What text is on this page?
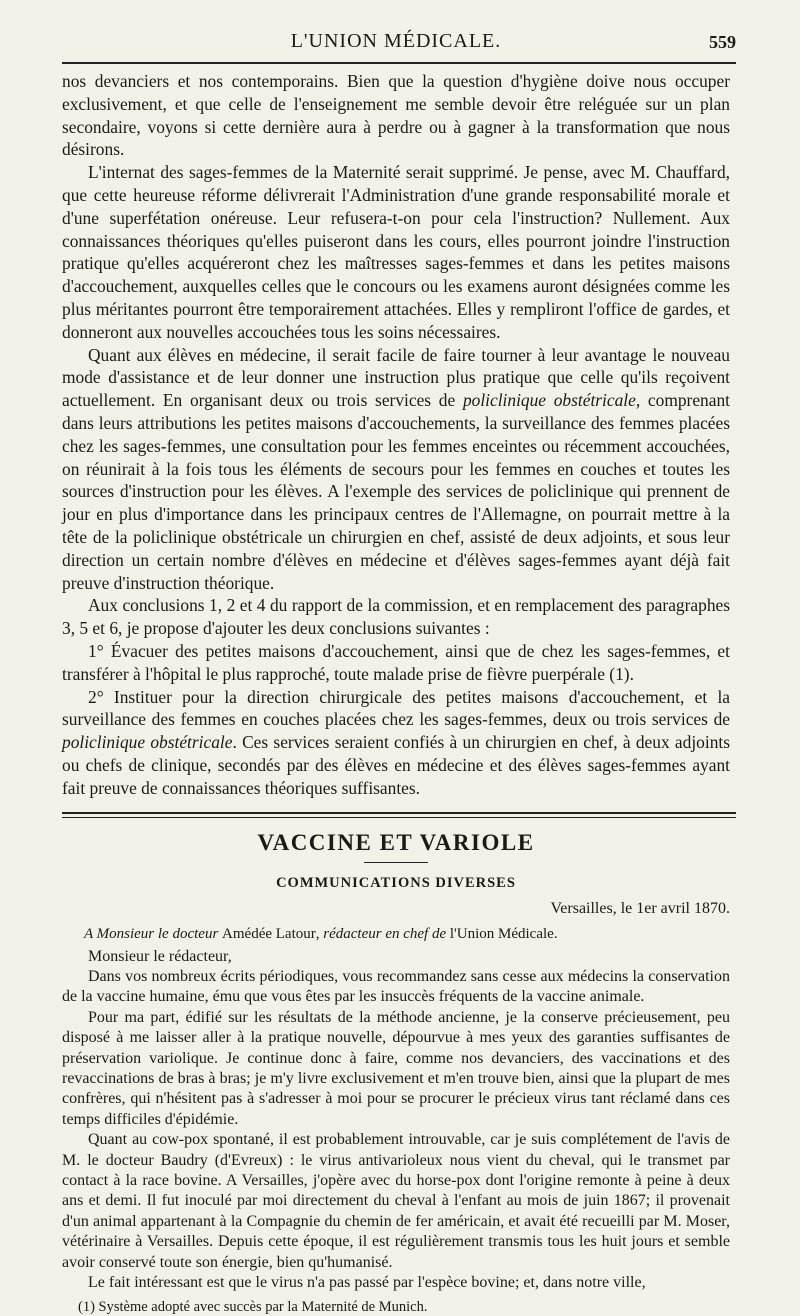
L'UNION MÉDICALE.	559

nos devanciers et nos contemporains. Bien que la question d'hygiène doive nous occuper exclusivement, et que celle de l'enseignement me semble devoir être reléguée sur un plan secondaire, voyons si cette dernière aura à perdre ou à gagner à la transformation que nous désirons.

L'internat des sages-femmes de la Maternité serait supprimé. Je pense, avec M. Chauffard, que cette heureuse réforme délivrerait l'Administration d'une grande responsabilité morale et d'une superfétation onéreuse. Leur refusera-t-on pour cela l'instruction? Nullement. Aux connaissances théoriques qu'elles puiseront dans les cours, elles pourront joindre l'instruction pratique qu'elles acquéreront chez les maîtresses sages-femmes et dans les petites maisons d'accouchement, auxquelles celles que le concours ou les examens auront désignées comme les plus méritantes pourront être temporairement attachées. Elles y rempliront l'office de gardes, et donneront aux nouvelles accouchées tous les soins nécessaires.

Quant aux élèves en médecine, il serait facile de faire tourner à leur avantage le nouveau mode d'assistance et de leur donner une instruction plus pratique que celle qu'ils reçoivent actuellement. En organisant deux ou trois services de policlinique obstétricale, comprenant dans leurs attributions les petites maisons d'accouchements, la surveillance des femmes placées chez les sages-femmes, une consultation pour les femmes enceintes ou récemment accouchées, on réunirait à la fois tous les éléments de secours pour les femmes en couches et toutes les sources d'instruction pour les élèves. A l'exemple des services de policlinique qui prennent de jour en plus d'importance dans les principaux centres de l'Allemagne, on pourrait mettre à la tête de la policlinique obstétricale un chirurgien en chef, assisté de deux adjoints, et sous leur direction un certain nombre d'élèves en médecine et d'élèves sages-femmes ayant déjà fait preuve d'instruction théorique.

Aux conclusions 1, 2 et 4 du rapport de la commission, et en remplacement des paragraphes 3, 5 et 6, je propose d'ajouter les deux conclusions suivantes :

1° Évacuer des petites maisons d'accouchement, ainsi que de chez les sages-femmes, et transférer à l'hôpital le plus rapproché, toute malade prise de fièvre puerpérale (1).

2° Instituer pour la direction chirurgicale des petites maisons d'accouchement, et la surveillance des femmes en couches placées chez les sages-femmes, deux ou trois services de policlinique obstétricale. Ces services seraient confiés à un chirurgien en chef, à deux adjoints ou chefs de clinique, secondés par des élèves en médecine et des élèves sages-femmes ayant fait preuve de connaissances théoriques suffisantes.

VACCINE ET VARIOLE
COMMUNICATIONS DIVERSES
Versailles, le 1er avril 1870.
A Monsieur le docteur Amédée Latour, rédacteur en chef de l'Union Médicale.

Monsieur le rédacteur,

Dans vos nombreux écrits périodiques, vous recommandez sans cesse aux médecins la conservation de la vaccine humaine, ému que vous êtes par les insuccès fréquents de la vaccine animale.

Pour ma part, édifié sur les résultats de la méthode ancienne, je la conserve précieusement, peu disposé à me laisser aller à la pratique nouvelle, dépourvue à mes yeux des garanties suffisantes de préservation variolique. Je continue donc à faire, comme nos devanciers, des vaccinations et des revaccinations de bras à bras; je m'y livre exclusivement et m'en trouve bien, ainsi que la plupart de mes confrères, qui n'hésitent pas à s'adresser à moi pour se procurer le précieux virus tant réclamé dans ces temps difficiles d'épidémie.

Quant au cow-pox spontané, il est probablement introuvable, car je suis complétement de l'avis de M. le docteur Baudry (d'Evreux) : le virus antivarioleux nous vient du cheval, qui le transmet par contact à la race bovine. A Versailles, j'opère avec du horse-pox dont l'origine remonte à peine à deux ans et demi. Il fut inoculé par moi directement du cheval à l'enfant au mois de juin 1867; il provenait d'un animal appartenant à la Compagnie du chemin de fer américain, et avait été recueilli par M. Moser, vétérinaire à Versailles. Depuis cette époque, il est régulièrement transmis tous les huit jours et semble avoir conservé toute son énergie, bien qu'humanisé.

Le fait intéressant est que le virus n'a pas passé par l'espèce bovine; et, dans notre ville,

(1) Système adopté avec succès par la Maternité de Munich.
